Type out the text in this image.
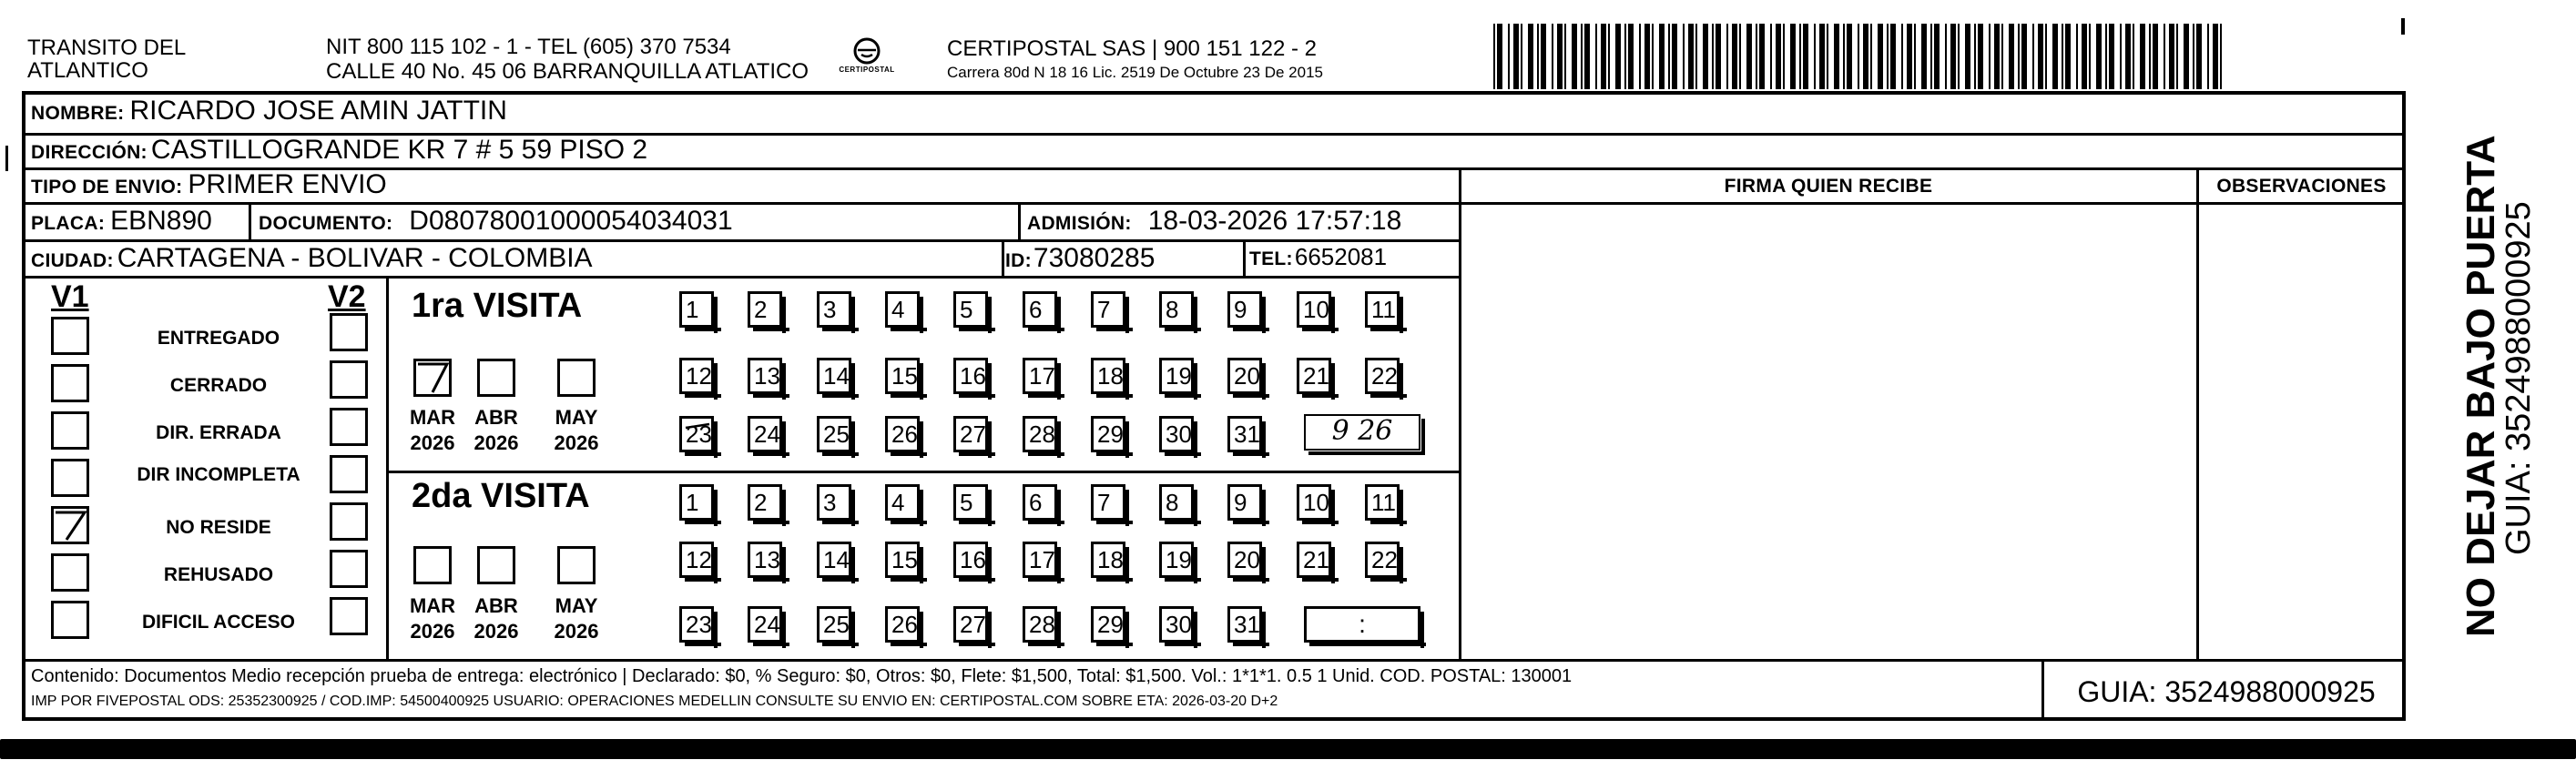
TRANSITO DEL
ATLANTICO
NIT 800 115 102 - 1 - TEL (605) 370 7534
CALLE 40 No. 45 06 BARRANQUILLA ATLATICO	CERTIPOSTAL
CERTIPOSTAL SAS | 900 151 122 - 2
Carrera 80d N 18 16 Lic. 2519 De Octubre 23 De 2015
NOMBRE: RICARDO JOSE AMIN JATTIN
DIRECCIÓN: CASTILLOGRANDE KR 7 # 5 59 PISO 2
TIPO DE ENVIO: PRIMER ENVIO	FIRMA QUIEN RECIBE	OBSERVACIONES
PLACA: EBN890 DOCUMENTO: D08078001000054034031	ADMISIÓN: 18-03-2026 17:57:18
CIUDAD: CARTAGENA - BOLIVAR - COLOMBIA	ID: 73080285	TEL: 6652081
V1	V2
ENTREGADO
CERRADO
DIR. ERRADA
DIR INCOMPLETA
NO RESIDE
REHUSADO
DIFICIL ACCESO
1ra VISITA
MAR
2026
ABR
2026
MAY
2026
1	2	3	4	5	6	7	8	9	10 11
12 13 14 15 16 17 18 19 20 21 22
23 24 25 26 27 28 29 30 31	9 26
2da VISITA
MAR
2026
ABR
2026
MAY
2026
1	2	3	4	5	6	7	8	9	10 11
12 13 14 15 16 17 18 19 20 21 22
23 24 25 26 27 28 29 30 31	:
Contenido: Documentos Medio recepción prueba de entrega: electrónico | Declarado: $0, % Seguro: $0, Otros: $0, Flete: $1,500, Total: $1,500. Vol.: 1*1*1. 0.5 1 Unid. COD. POSTAL: 130001
IMP POR FIVEPOSTAL ODS: 25352300925 / COD.IMP: 54500400925 USUARIO: OPERACIONES MEDELLIN CONSULTE SU ENVIO EN: CERTIPOSTAL.COM SOBRE ETA: 2026-03-20 D+2	GUIA: 3524988000925
NO DEJAR BAJO PUERTA
GUIA: 3524988000925
